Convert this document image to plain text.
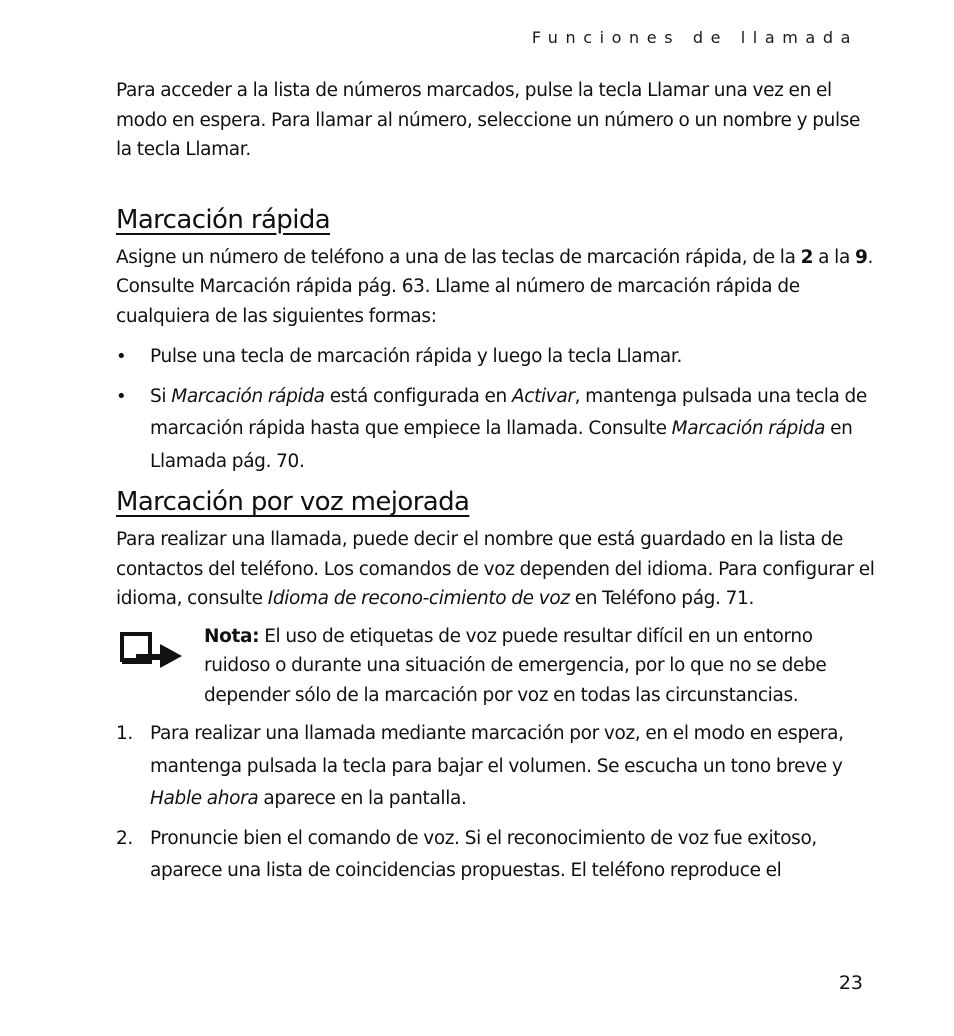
Funciones de llamada

Para acceder a la lista de números marcados, pulse la tecla Llamar una vez en el modo en espera. Para llamar al número, seleccione un número o un nombre y pulse la tecla Llamar.

Marcación rápida

Asigne un número de teléfono a una de las teclas de marcación rápida, de la 2 a la 9. Consulte Marcación rápida pág. 63. Llame al número de marcación rápida de cualquiera de las siguientes formas:

• Pulse una tecla de marcación rápida y luego la tecla Llamar.
• Si Marcación rápida está configurada en Activar, mantenga pulsada una tecla de marcación rápida hasta que empiece la llamada. Consulte Marcación rápida en Llamada pág. 70.
Marcación por voz mejorada

Para realizar una llamada, puede decir el nombre que está guardado en la lista de contactos del teléfono. Los comandos de voz dependen del idioma. Para configurar el idioma, consulte Idioma de recono-cimiento de voz en Teléfono pág. 71.

Nota: El uso de etiquetas de voz puede resultar difícil en un entorno ruidoso o durante una situación de emergencia, por lo que no se debe depender sólo de la marcación por voz en todas las circunstancias.

1. Para realizar una llamada mediante marcación por voz, en el modo en espera, mantenga pulsada la tecla para bajar el volumen. Se escucha un tono breve y Hable ahora aparece en la pantalla.
2. Pronuncie bien el comando de voz. Si el reconocimiento de voz fue exitoso, aparece una lista de coincidencias propuestas. El teléfono reproduce el
23
